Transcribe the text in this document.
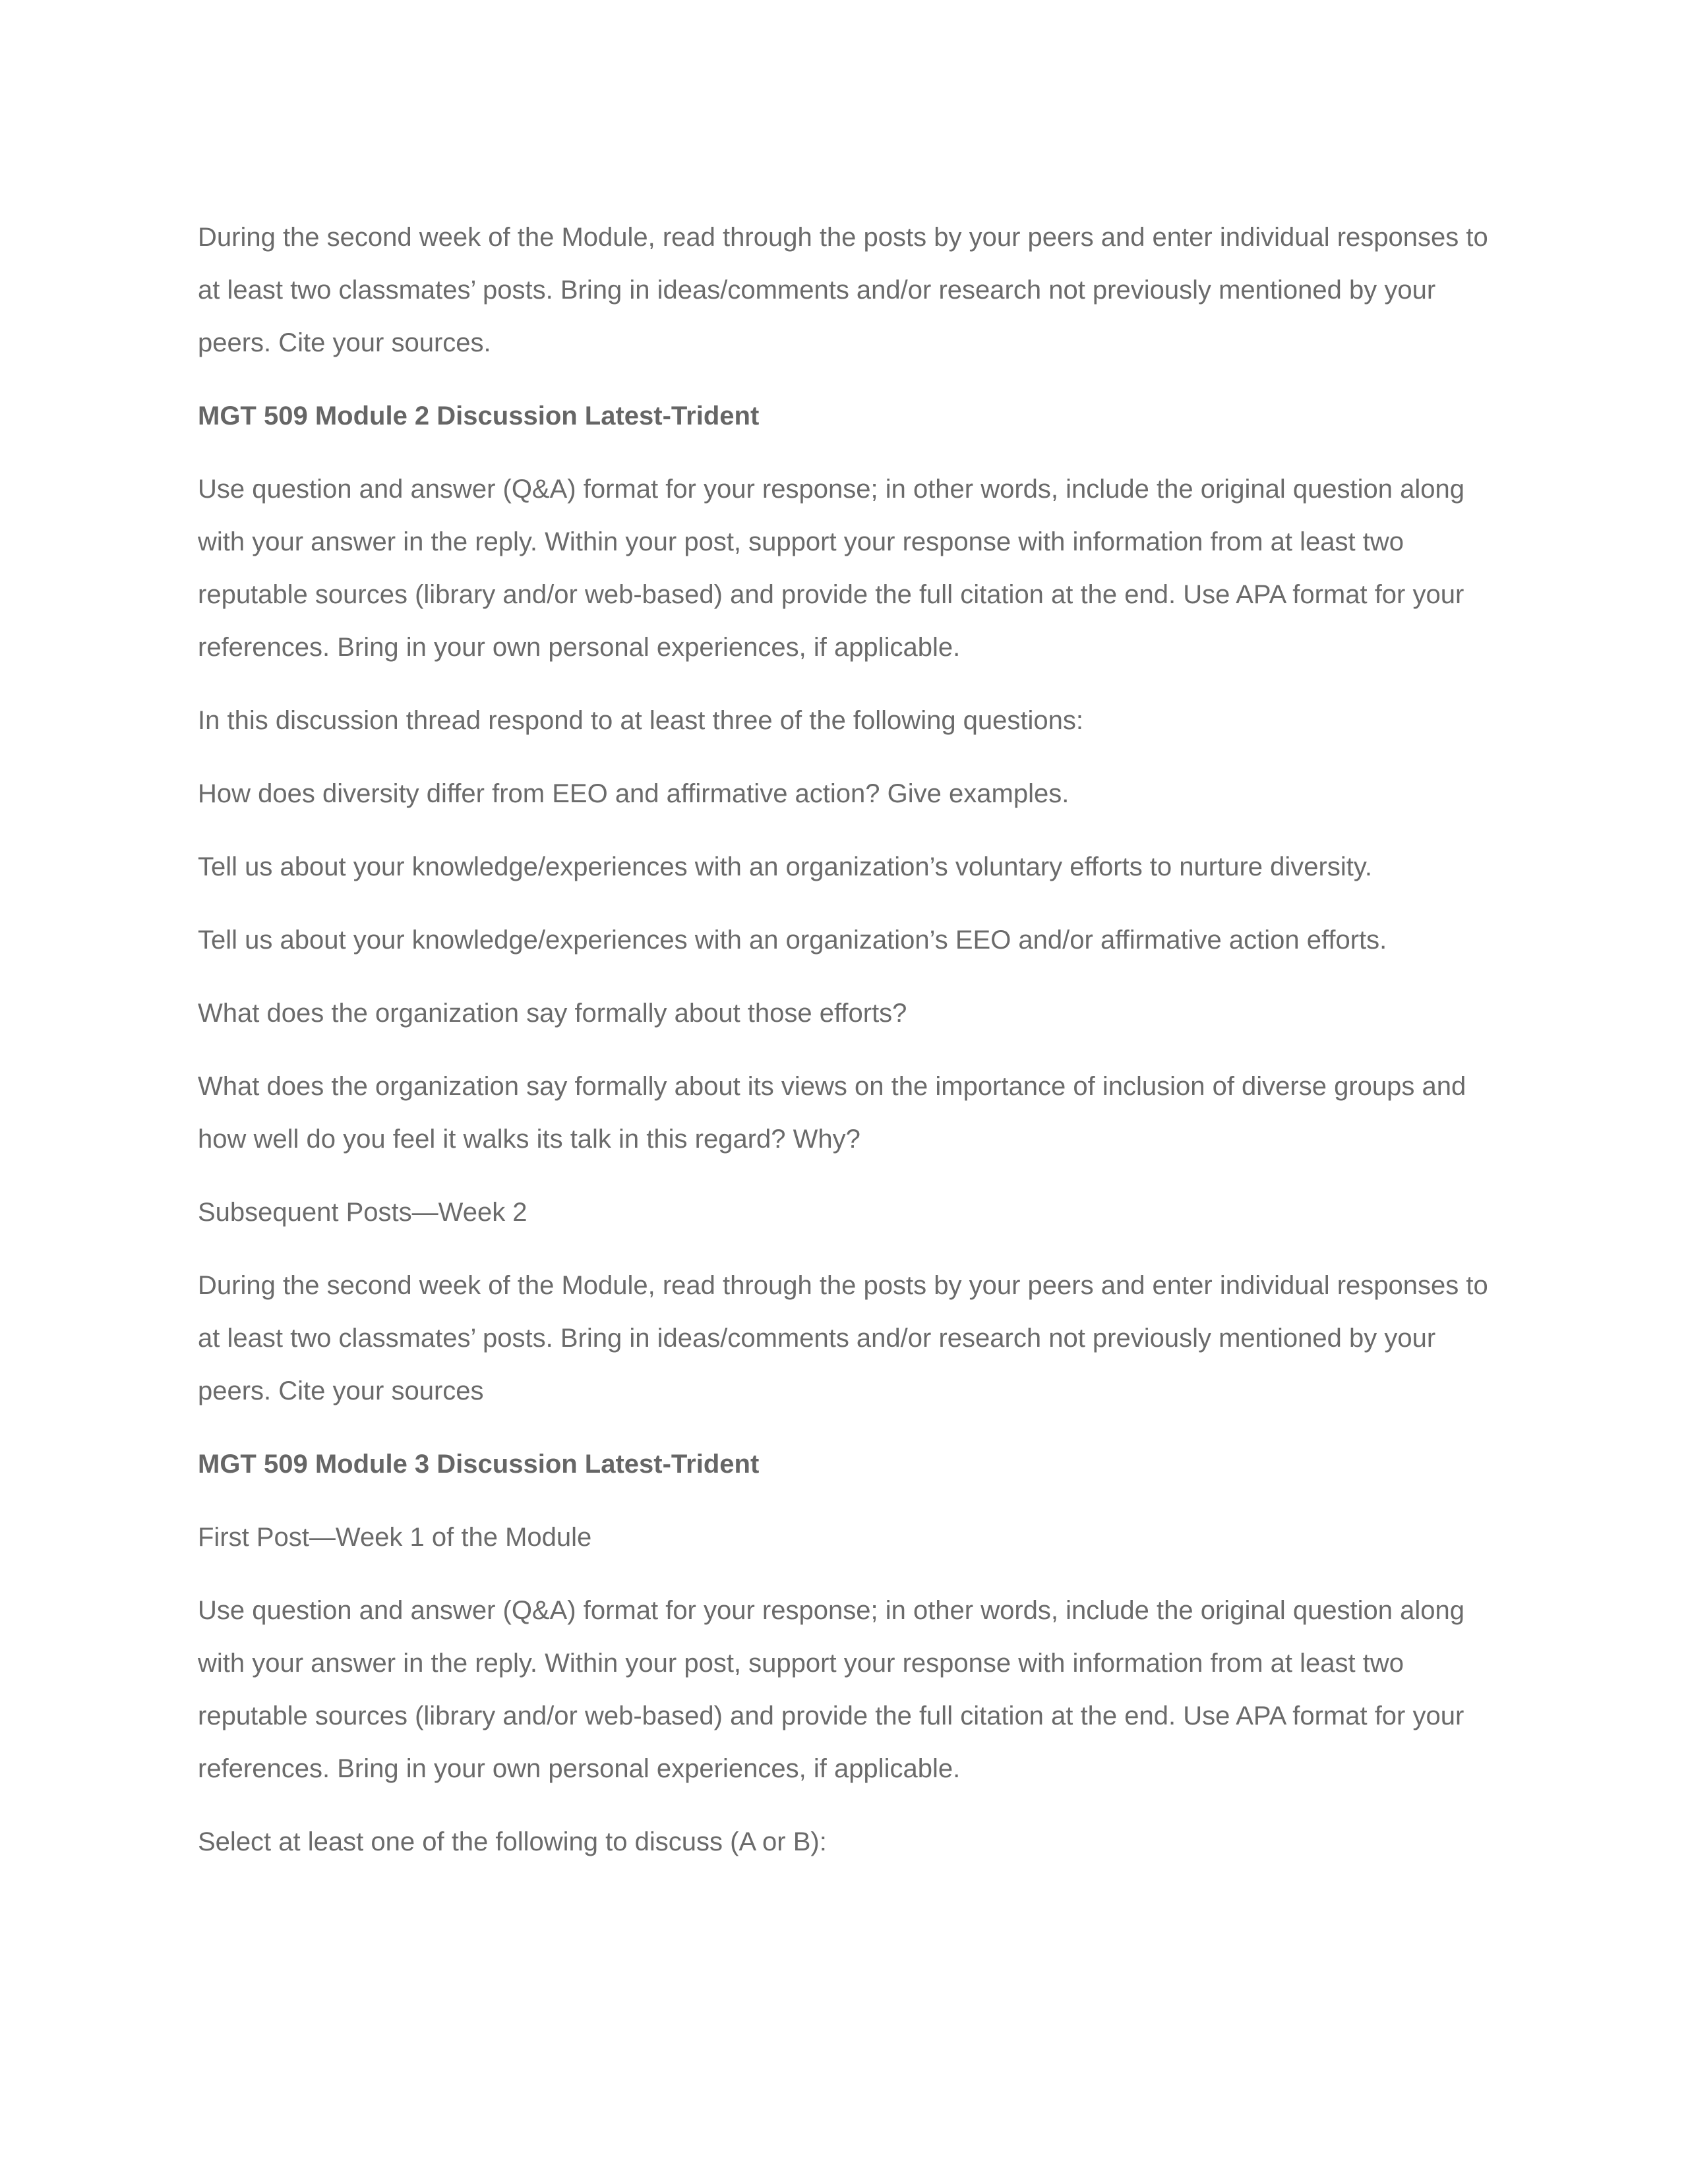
During the second week of the Module, read through the posts by your peers and enter individual responses to at least two classmates’ posts. Bring in ideas/comments and/or research not previously mentioned by your peers. Cite your sources.

MGT 509 Module 2 Discussion Latest-Trident

Use question and answer (Q&A) format for your response; in other words, include the original question along with your answer in the reply. Within your post, support your response with information from at least two reputable sources (library and/or web-based) and provide the full citation at the end. Use APA format for your references. Bring in your own personal experiences, if applicable.

In this discussion thread respond to at least three of the following questions:

How does diversity differ from EEO and affirmative action? Give examples.

Tell us about your knowledge/experiences with an organization’s voluntary efforts to nurture diversity.

Tell us about your knowledge/experiences with an organization’s EEO and/or affirmative action efforts.

What does the organization say formally about those efforts?

What does the organization say formally about its views on the importance of inclusion of diverse groups and how well do you feel it walks its talk in this regard? Why?

Subsequent Posts—Week 2

During the second week of the Module, read through the posts by your peers and enter individual responses to at least two classmates’ posts. Bring in ideas/comments and/or research not previously mentioned by your peers. Cite your sources

MGT 509 Module 3 Discussion Latest-Trident

First Post—Week 1 of the Module

Use question and answer (Q&A) format for your response; in other words, include the original question along with your answer in the reply. Within your post, support your response with information from at least two reputable sources (library and/or web-based) and provide the full citation at the end. Use APA format for your references. Bring in your own personal experiences, if applicable.

Select at least one of the following to discuss (A or B):
